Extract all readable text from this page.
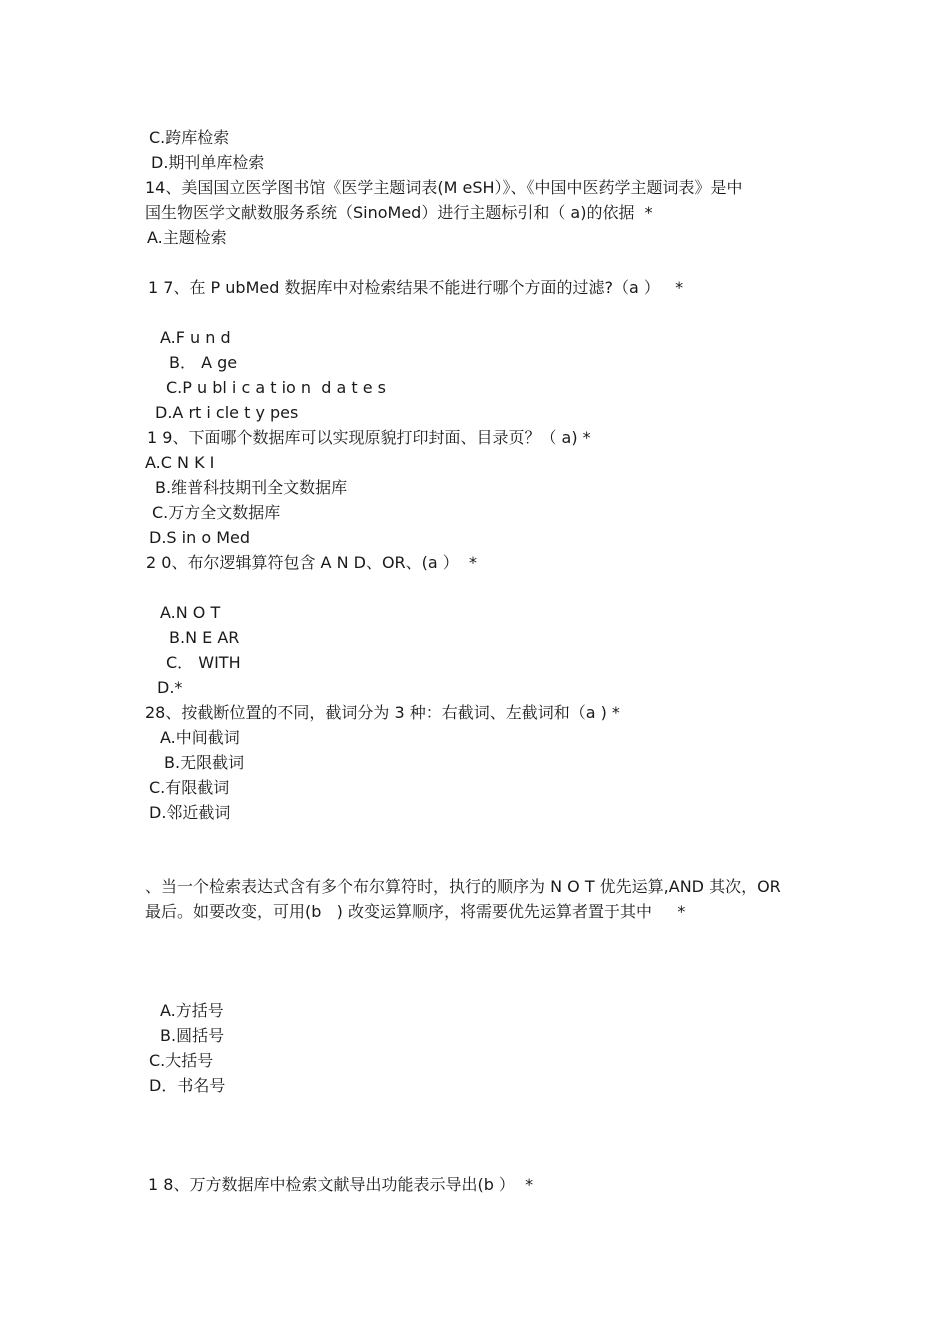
C.跨库检索
D.期刊单库检索
14、美国国立医学图书馆《医学主题词表(M eSH）》、《中国中医药学主题词表》是中
国生物医学文献数服务系统（SinoMed）进行主题标引和（ a)的依据  *
A.主题检索
1 7、在 P ubMed 数据库中对检索结果不能进行哪个方面的过滤?（a ）   *
A.F u n d
B． A ge
C.P u bl i c a t io n  d a t e s
D.A rt i cle t y pes
1 9、下面哪个数据库可以实现原貌打印封面、目录页？（ a) *
A.C N K I
B.维普科技期刊全文数据库
C.万方全文数据库
D.S in o Med
2 0、布尔逻辑算符包含 A N D、OR、(a ）  *
A.N O T
B.N E AR
C． WITH
D.*
28、按截断位置的不同，截词分为 3 种：右截词、左截词和（a ) *
A.中间截词
B.无限截词
C.有限截词
D.邻近截词
、当一个检索表达式含有多个布尔算符时，执行的顺序为 N O T 优先运算,AND 其次，OR
最后。如要改变，可用(b   ) 改变运算顺序，将需要优先运算者置于其中     *
A.方括号
B.圆括号
C.大括号
D．书名号
1 8、万方数据库中检索文献导出功能表示导出(b ）  *
